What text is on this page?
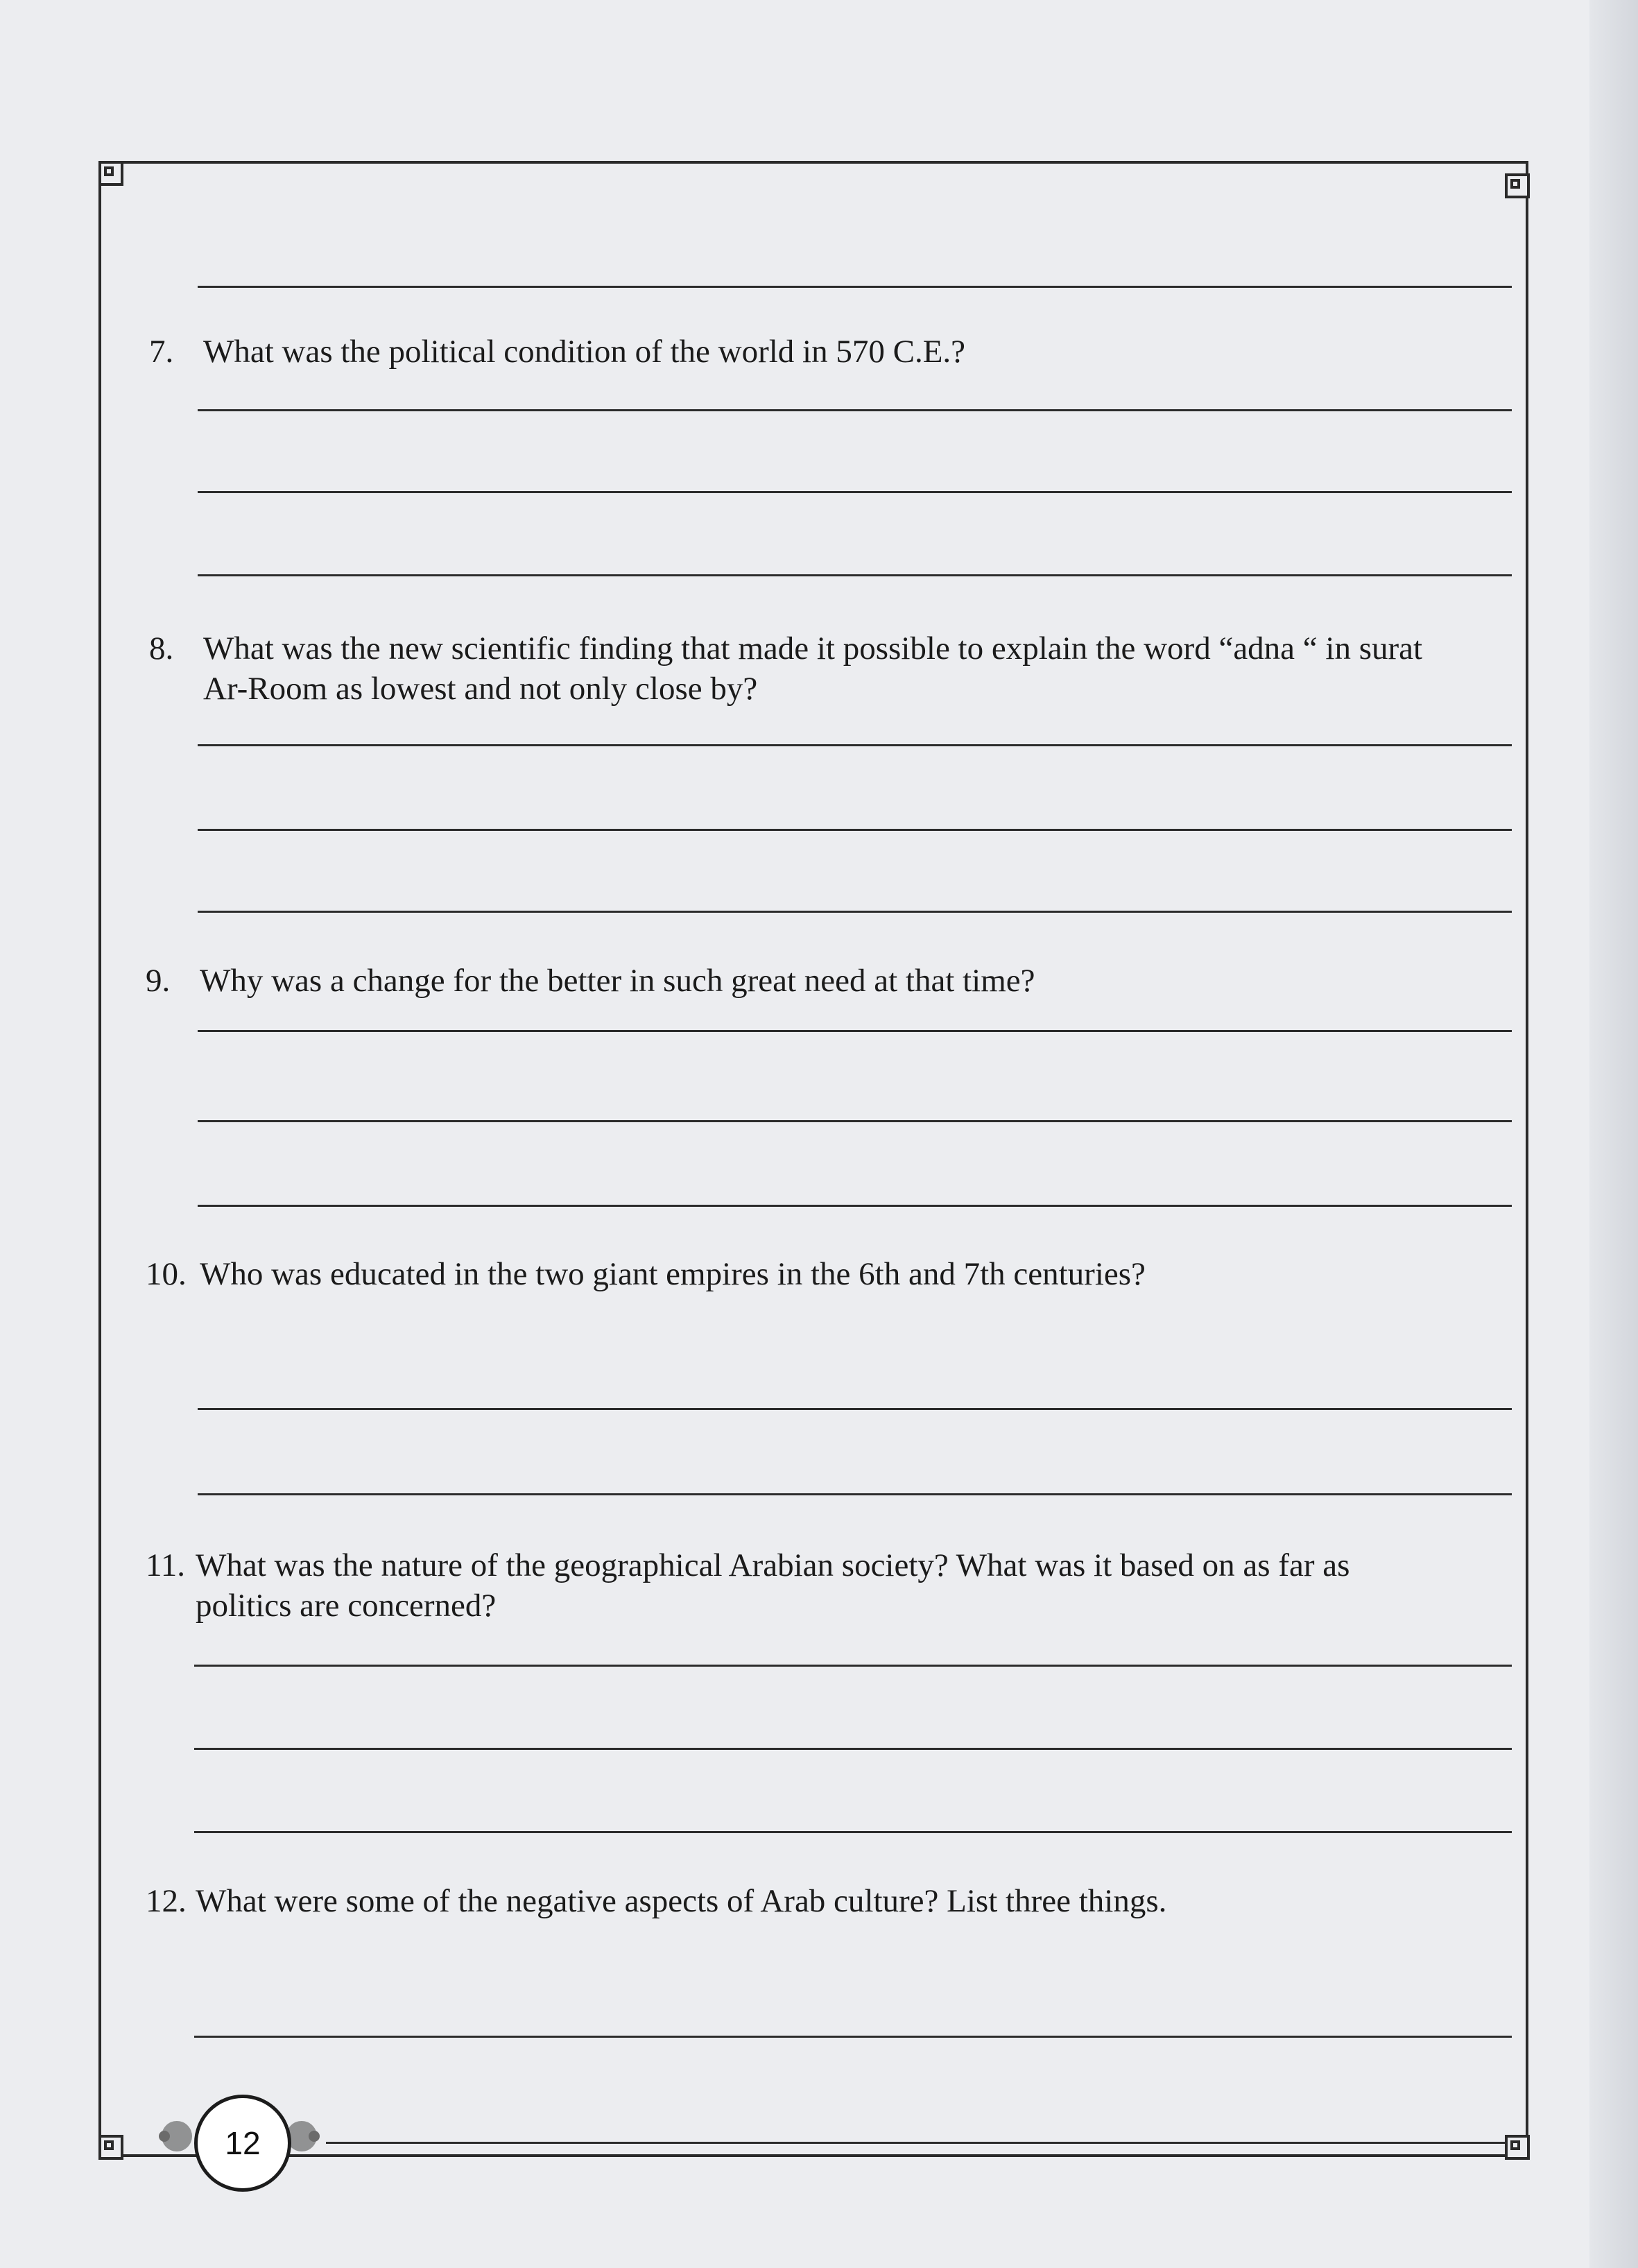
7. What was the political condition of the world in 570 C.E.?
8. What was the new scientific finding that made it possible to explain the word “adna “ in surat
Ar-Room as lowest and not only close by?
9. Why was a change for the better in such great need at that time?
10. Who was educated in the two giant empires in the 6th and 7th centuries?
11. What was the nature of the geographical Arabian society? What was it based on as far as
politics are concerned?
12. What were some of the negative aspects of Arab culture? List three things.
12
